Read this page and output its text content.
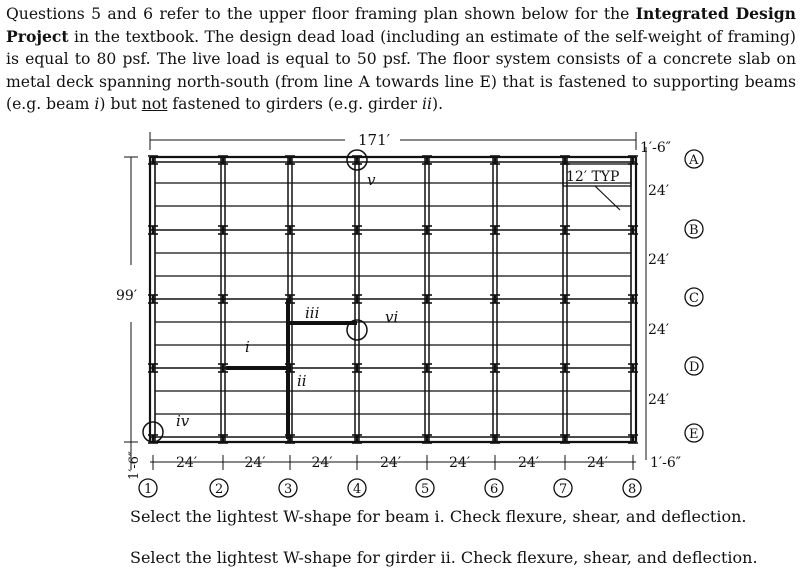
Questions 5 and 6 refer to the upper floor framing plan shown below for the Integrated Design Project in the textbook. The design dead load (including an estimate of the self-weight of framing) is equal to 80 psf. The live load is equal to 50 psf. The floor system consists of a concrete slab on metal deck spanning north-south (from line A towards line E) that is fastened to supporting beams (e.g. beam i) but not fastened to girders (e.g. girder ii).
i
ii
iii
iv
v
vi
171′
12′ TYP
99′
1′-6″
1′-6″
24′
24′
24′
24′
A
B
C
D
E
24′	24′	24′	24′	24′	24′	24′	1′-6″
1	2	3	4	5	6	7	8
Select the lightest W-shape for beam i. Check flexure, shear, and deflection.
Select the lightest W-shape for girder ii. Check flexure, shear, and deflection.
